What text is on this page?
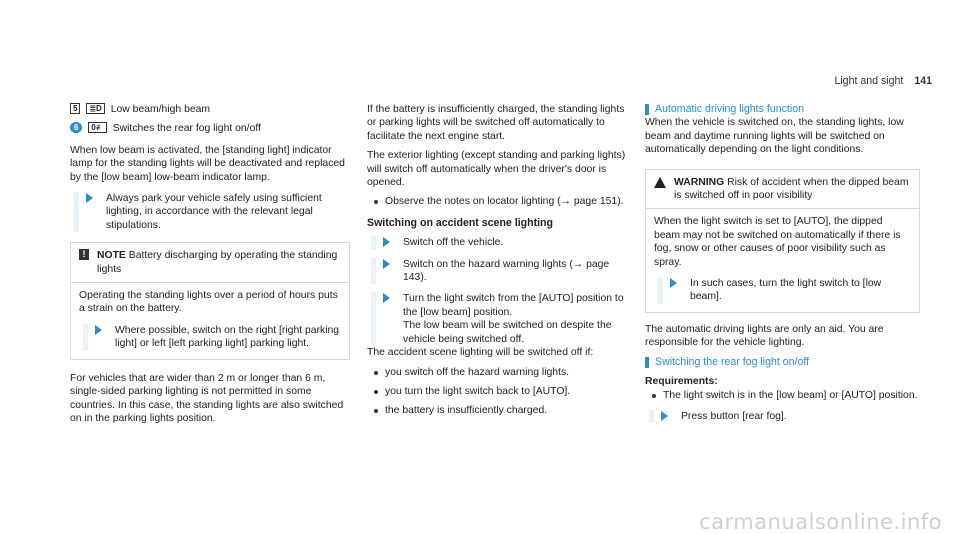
Light and sight 141

5 ≣D Low beam/high beam

6 0≢ Switches the rear fog light on/off

When low beam is activated, the [standing light] indicator lamp for the standing lights will be deactivated and replaced by the [low beam] low-beam indicator lamp.

Always park your vehicle safely using sufficient lighting, in accordance with the relevant legal stipulations.
!	NOTE Battery discharging by operating the standing lights

Operating the standing lights over a period of hours puts a strain on the battery.

Where possible, switch on the right [right parking light] or left [left parking light] parking light.

For vehicles that are wider than 2 m or longer than 6 m, single-sided parking lighting is not permitted in some countries. In this case, the standing lights are also switched on in the parking lights position.

If the battery is insufficiently charged, the standing lights or parking lights will be switched off automatically to facilitate the next engine start.

The exterior lighting (except standing and parking lights) will switch off automatically when the driver's door is opened.

Observe the notes on locator lighting (→ page 151).

Switching on accident scene lighting
Switch off the vehicle.
Switch on the hazard warning lights (→ page 143).

Turn the light switch from the [AUTO] position to the [low beam] position.

The low beam will be switched on despite the vehicle being switched off.

The accident scene lighting will be switched off if:

you switch off the hazard warning lights.

you turn the light switch back to [AUTO].

the battery is insufficiently charged.

Automatic driving lights function

When the vehicle is switched on, the standing lights, low beam and daytime running lights will be switched on automatically depending on the light conditions.

WARNING Risk of accident when the dipped beam is switched off in poor visibility

When the light switch is set to [AUTO], the dipped beam may not be switched on automatically if there is fog, snow or other causes of poor visibility such as spray.

In such cases, turn the light switch to [low beam].

The automatic driving lights are only an aid. You are responsible for the vehicle lighting.

Switching the rear fog light on/off

Requirements:

The light switch is in the [low beam] or [AUTO] position.

Press button [rear fog].
carmanualsonline.info
